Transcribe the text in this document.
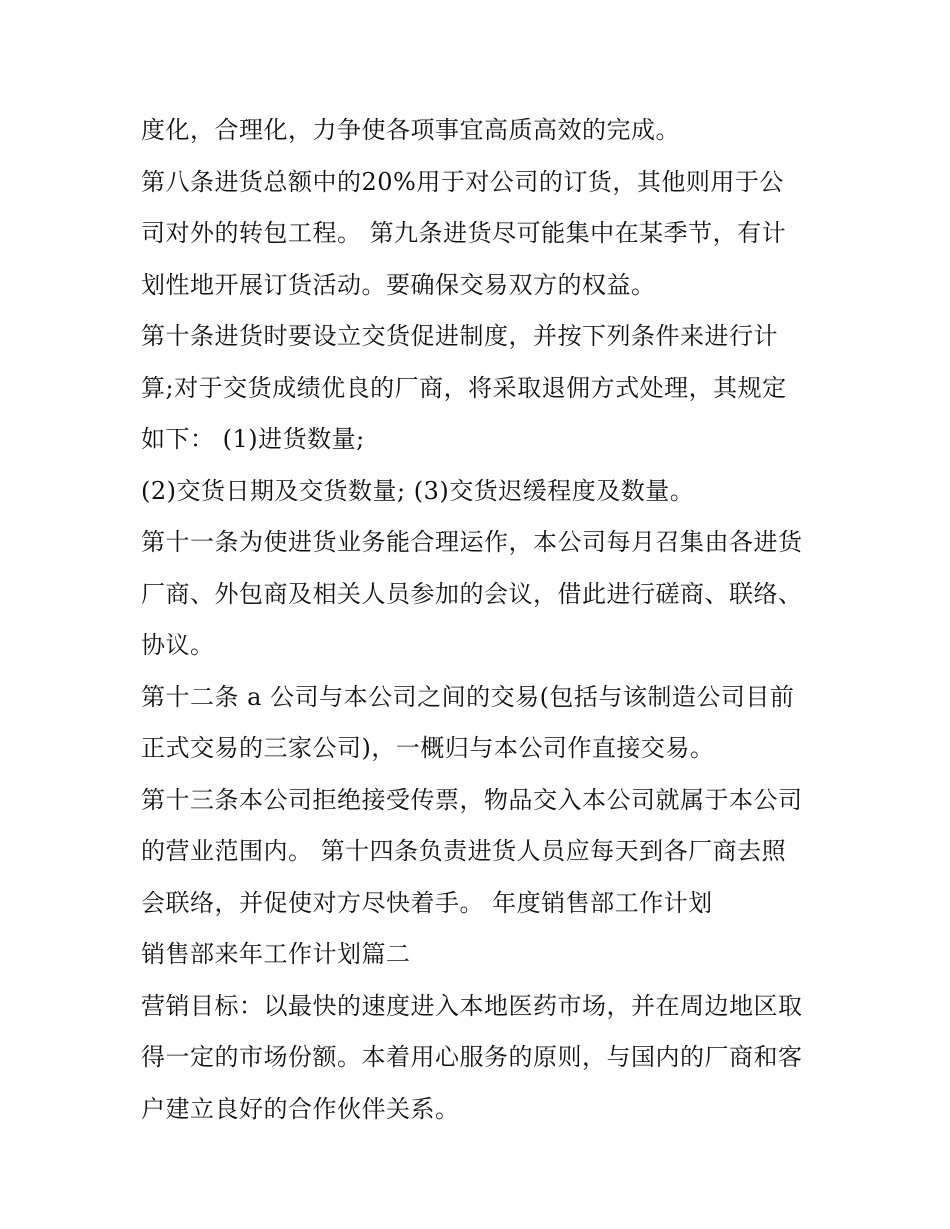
度化，合理化，力争使各项事宜高质高效的完成。
第八条进货总额中的20%用于对公司的订货，其他则用于公
司对外的转包工程。 第九条进货尽可能集中在某季节，有计
划性地开展订货活动。要确保交易双方的权益。
第十条进货时要设立交货促进制度，并按下列条件来进行计
算;对于交货成绩优良的厂商，将采取退佣方式处理，其规定
如下： (1)进货数量;
(2)交货日期及交货数量; (3)交货迟缓程度及数量。
第十一条为使进货业务能合理运作，本公司每月召集由各进货
厂商、外包商及相关人员参加的会议，借此进行磋商、联络、
协议。
第十二条 a 公司与本公司之间的交易(包括与该制造公司目前
正式交易的三家公司)，一概归与本公司作直接交易。
第十三条本公司拒绝接受传票，物品交入本公司就属于本公司
的营业范围内。 第十四条负责进货人员应每天到各厂商去照
会联络，并促使对方尽快着手。 年度销售部工作计划
销售部来年工作计划篇二
营销目标：以最快的速度进入本地医药市场，并在周边地区取
得一定的市场份额。本着用心服务的原则，与国内的厂商和客
户建立良好的合作伙伴关系。
